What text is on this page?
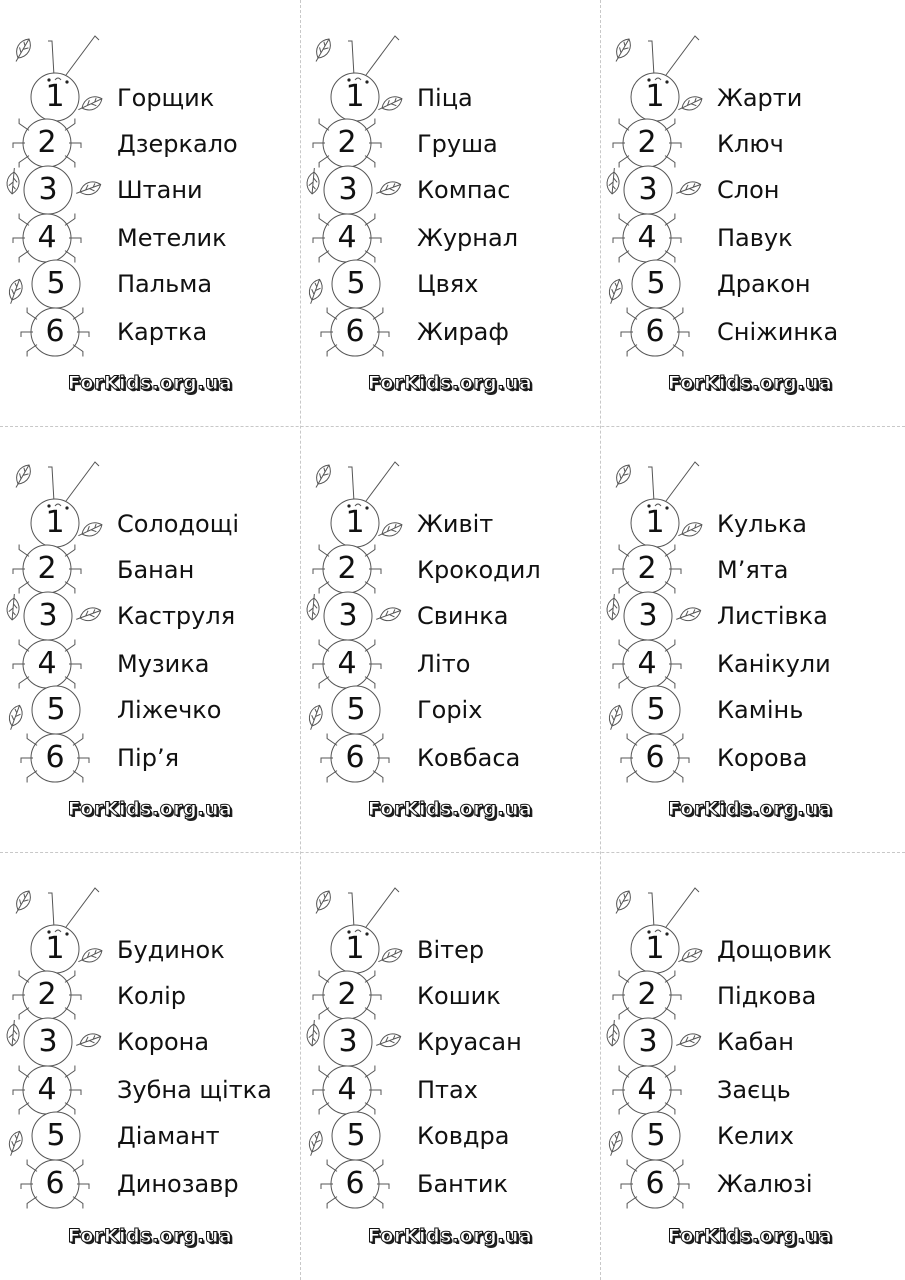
1
2
3
4
5
6
Горщик
Дзеркало
Штани
Метелик
Пальма
Картка
ForKids.org.ua
1
2
3
4
5
6
Піца
Груша
Компас
Журнал
Цвях
Жираф
ForKids.org.ua
1
2
3
4
5
6
Жарти
Ключ
Слон
Павук
Дракон
Сніжинка
ForKids.org.ua
1
2
3
4
5
6
Солодощі
Банан
Каструля
Музика
Ліжечко
Пір’я
ForKids.org.ua
1
2
3
4
5
6
Живіт
Крокодил
Свинка
Літо
Горіх
Ковбаса
ForKids.org.ua
1
2
3
4
5
6
Кулька
М’ята
Листівка
Канікули
Камінь
Корова
ForKids.org.ua
1
2
3
4
5
6
Будинок
Колір
Корона
Зубна щітка
Діамант
Динозавр
ForKids.org.ua
1
2
3
4
5
6
Вітер
Кошик
Круасан
Птах
Ковдра
Бантик
ForKids.org.ua
1
2
3
4
5
6
Дощовик
Підкова
Кабан
Заєць
Келих
Жалюзі
ForKids.org.ua
